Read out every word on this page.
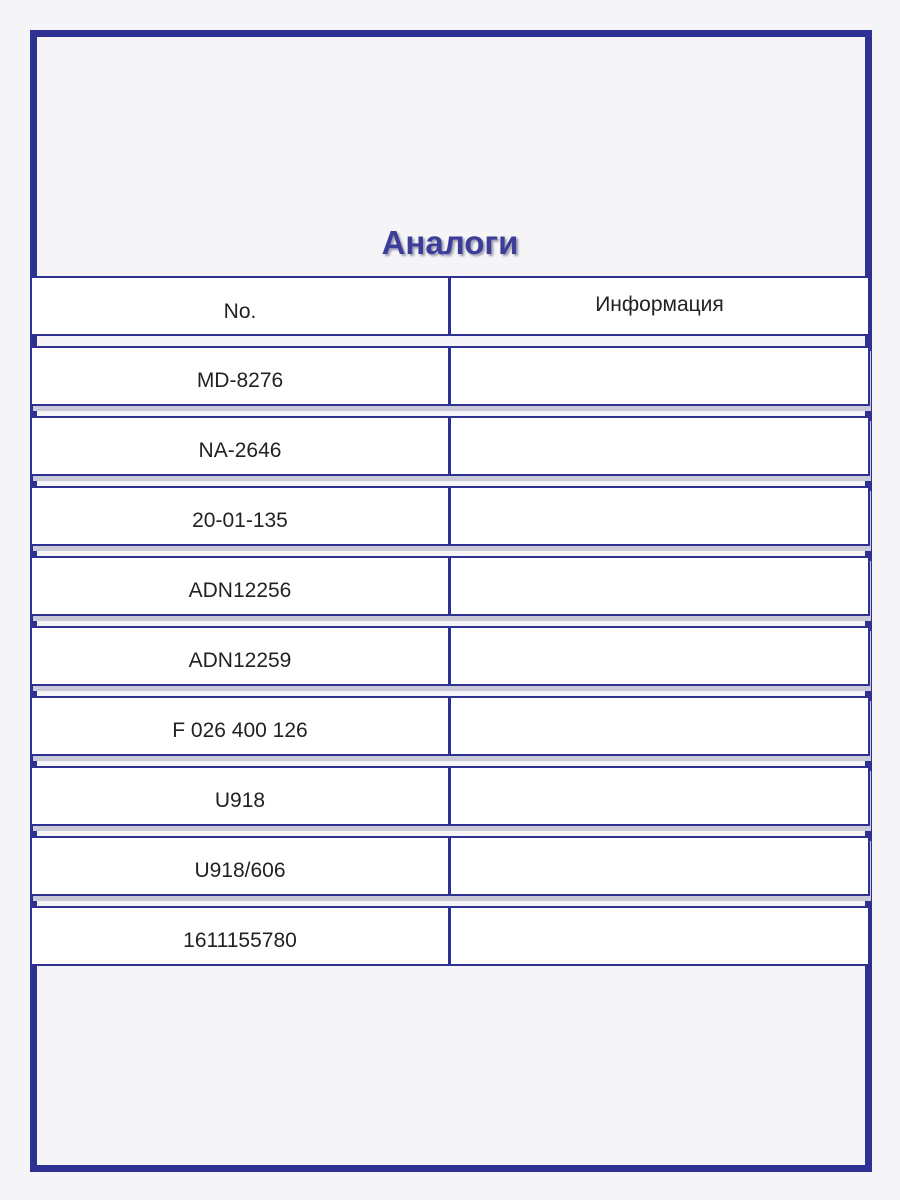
Аналоги
No.	Информация
MD-8276
NA-2646
20-01-135
ADN12256
ADN12259
F 026 400 126
U918
U918/606
1611155780
